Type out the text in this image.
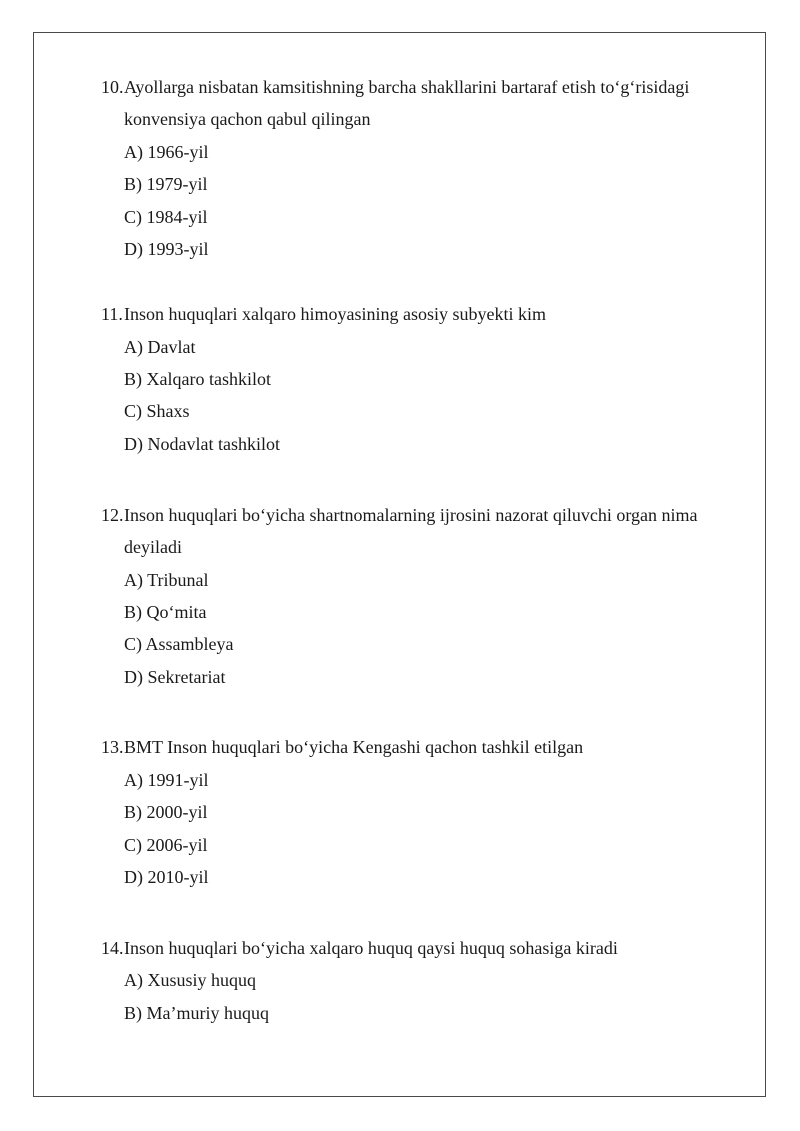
10. Ayollarga nisbatan kamsitishning barcha shakllarini bartaraf etish to‘g‘risidagi
konvensiya qachon qabul qilingan
A) 1966-yil
B) 1979-yil
C) 1984-yil
D) 1993-yil
11. Inson huquqlari xalqaro himoyasining asosiy subyekti kim
A) Davlat
B) Xalqaro tashkilot
C) Shaxs
D) Nodavlat tashkilot
12. Inson huquqlari bo‘yicha shartnomalarning ijrosini nazorat qiluvchi organ nima
deyiladi
A) Tribunal
B) Qo‘mita
C) Assambleya
D) Sekretariat
13. BMT Inson huquqlari bo‘yicha Kengashi qachon tashkil etilgan
A) 1991-yil
B) 2000-yil
C) 2006-yil
D) 2010-yil
14. Inson huquqlari bo‘yicha xalqaro huquq qaysi huquq sohasiga kiradi
A) Xususiy huquq
B) Ma’muriy huquq
